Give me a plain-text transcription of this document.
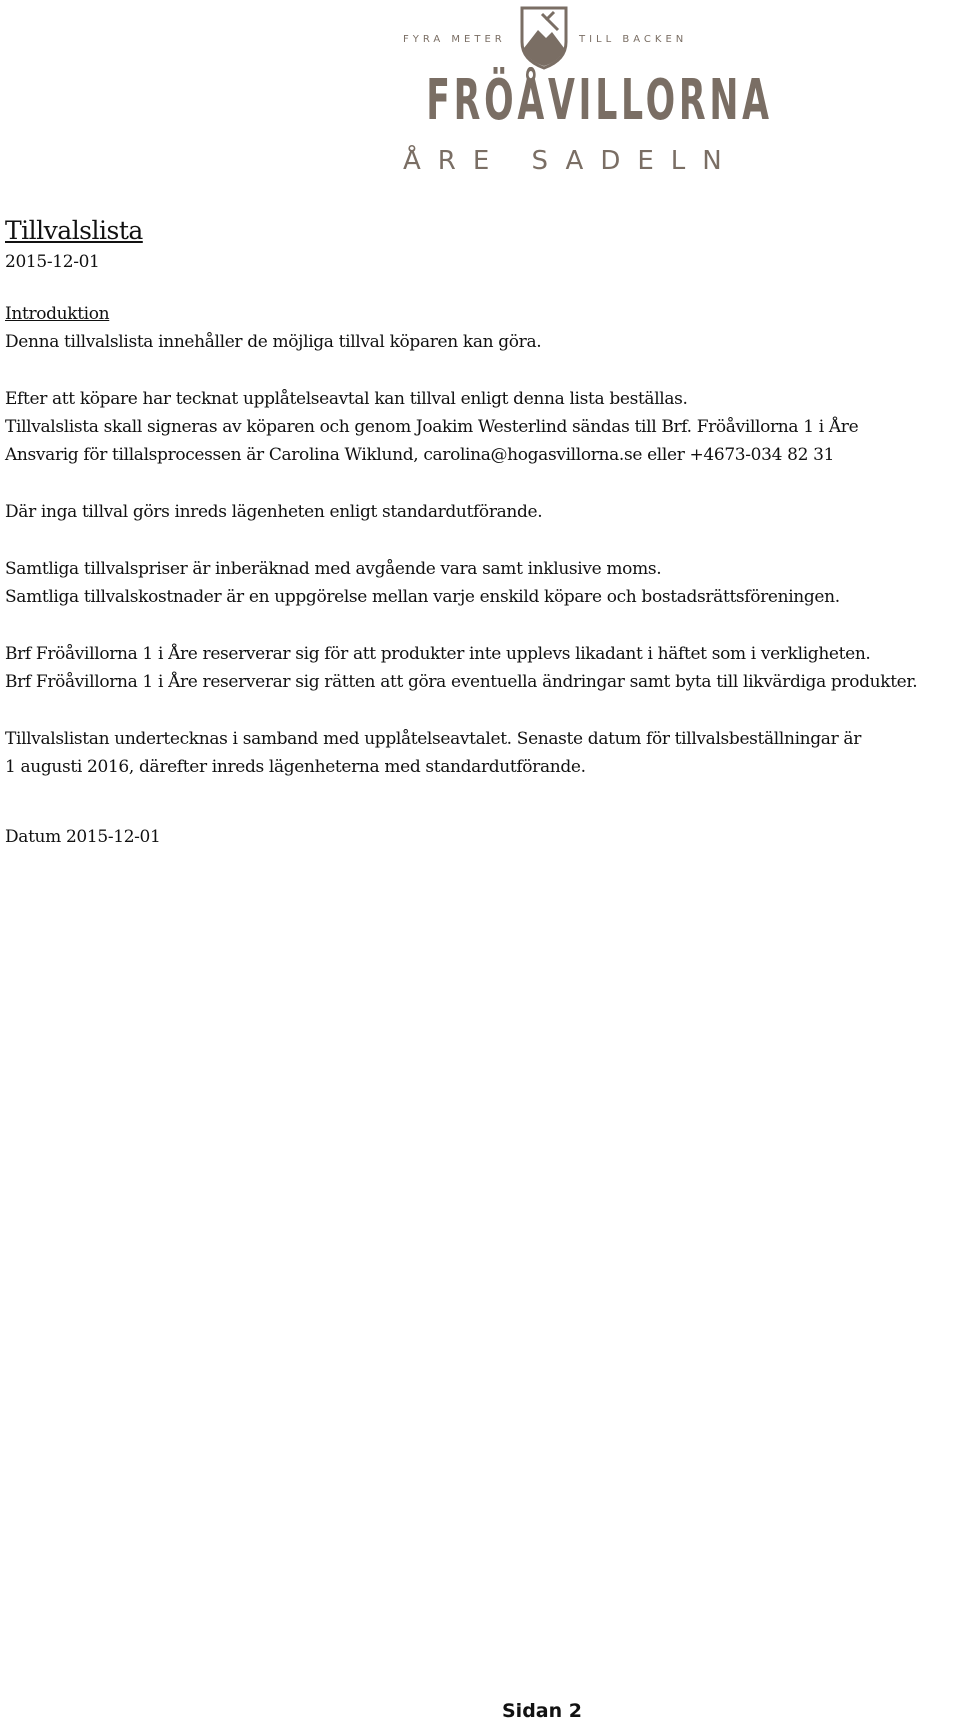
FYRA METER	TILL BACKEN
FRÖÅVILLORNA
ÅRE SADELN
Tillvalslista

2015-12-01

Introduktion

Denna tillvalslista innehåller de möjliga tillval köparen kan göra.

Efter att köpare har tecknat upplåtelseavtal kan tillval enligt denna lista beställas.

Tillvalslista skall signeras av köparen och genom Joakim Westerlind sändas till Brf. Fröåvillorna 1 i Åre

Ansvarig för tillalsprocessen är Carolina Wiklund, carolina@hogasvillorna.se eller +4673-034 82 31

Där inga tillval görs inreds lägenheten enligt standardutförande.

Samtliga tillvalspriser är inberäknad med avgående vara samt inklusive moms.

Samtliga tillvalskostnader är en uppgörelse mellan varje enskild köpare och bostadsrättsföreningen.

Brf Fröåvillorna 1 i Åre reserverar sig för att produkter inte upplevs likadant i häftet som i verkligheten.

Brf Fröåvillorna 1 i Åre reserverar sig rätten att göra eventuella ändringar samt byta till likvärdiga produkter.

Tillvalslistan undertecknas i samband med upplåtelseavtalet. Senaste datum för tillvalsbeställningar är

1 augusti 2016, därefter inreds lägenheterna med standardutförande.

Datum 2015-12-01

Sidan 2
